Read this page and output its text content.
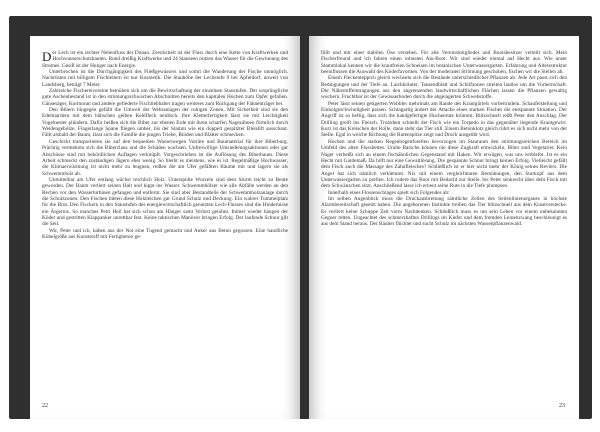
Der Lech ist ein rechter Nebenfluss der Donau. Zerstückelt ist der Fluss durch eine Kette von Kraftwerken und Hochwasserschutzbauten. Rund dreißig Kraftwerke und 24 Stauseen nutzen das Wasser für die Gewinnung des Stromes. Gesiß ist der Hunger nach Energie.

Unterbrochen ist die Durchgängigkeit des Fließgewässers und somit die Wanderung der Fische unmöglich. Nachrüsten mit billigem Fischleitern ist nur Kosmetik. Die Stauhöhe der Lechstufe 9 bei Apfeldorf, unweit von Landsberg, beträgt 7 Meter.

Zahlreiche Fischereivereine bemühen sich um die Bewirtschaftung der einzelnen Staustufen. Der ursprüngliche gute Aschenbestand ist in den strömungsschwachen Abschnitten bereits den kapitalen Huchen zum Opfer gefallen. Gänsesäger, Kormoran und andere gefiederte Fischliebhaber tragen weiteres zum Rückgang der Fahnenträger bei.

Den Bibern hingegen gefällt die Umwelt der Wehranlagen der ruhigen Zonen. Mit Sicherheit sind sie den Edelmardern mit dem hübschen gelben Kehlfleck neidisch. Ihre Kletterfertigkeit lässt sie mit Leichtigkeit Vogelnester plündern. Dafür beißen sich die Biber zur ebenen Erde mit ihren scharfen Nagezähnen förmlich durch Weidengehölze. Fingerlange Späne fliegen umher, bis der Stamm wie ein doppelt gespitzter Bleistift ausschaut. Fällt alsbald der Baum, lässt sich die Familie die jungen Triebe, Rinden und Blätter schmecken.

Geschickt transportieren sie auf den bequemen Wasserwegen Vorräte und Baumaterial für ihre Biberburg. Prächtig vermehren sich die Biberclans und die Schäden wachsen. Unfreiwillige Umsiedelungsaktionen oder gar Abschüsse sind mit behördlichen Auflagen verknüpft. Vorgeschrieben ist die Auflösung des Biberbaues. Diese Arbeit schmeckt den zuständigen Jägern eher wenig. So bleibt es meistens, wie es ist. Regelmäßige Hochwasser, die Klimaerwärmung ist nicht mehr zu leugnen, reißen die am Ufer gefällten Bäume mit und lagern sie als Schwemmholz ab.

Unmittelbar am Ufer entlang wächst reichlich Holz. Unterspülte Wurzeln sind dem Sturm leicht zu Beute geworden. Der Baum verliert seinen Halt und kippt ins Wasser. Schwemmhölzer wie alle Abfälle werden an den Rechen vor den Wasserturbinen gefangen und entfernt. Sie sind aber Bestandteile der Schwemmholzanlage durch die Schutzzonen. Den Fischen bieten diese Holzleichen gar Grund Schutz und Deckung. Ein wahrer Tummelplatz für die Brut. Den Fischern in den Staustufen des energiewirtschaftlich genutzten Lech-Flusses sind die Hindernisse ein Ärgernis. So manches Petri Heil hat sich schon am Hänger samt Verlust gelohnt. Immer wieder hängen der Köder und gestritten Klappanker unrettbar fest. Keine taktischen Manöver bringen Erfolg. Der laufende Schnur gilt die Seil.

Wir, Peter und ich, haben aus der Not eine Tugend gemacht und Anker aus Beton gegossen. Eine handliche Kübelgröße aus Kunststoff mit Fertigbeton ge-

22

füllt und mit einer stabilen Öse versehen. Für alle Vereinsmitglieder und Bootsbesitzer verteilt sich. Mein Fischerfreund und ich fahren einen robusten Alu-Boot. Wir sind wieder einmal auf Hecht aus. Wie unser Stammlokal kennen wir die krautfreien Schneisen im botanischen Unterwassergarten. Erfahrung und Altersstruktur beeinflussen die Auswahl des Köderfavoriten. Von der moderaten Strömung geschoben, fischen wir die Stellen ab.

Einem Fleckenteppich gleich wechseln sich die Bestände unterschiedlicher Pflanzen ab. Jede Art passt sich den Bedingungen und der Tiefe an. Laichkräuter, Tausendblatt und Schilfzonen streiten lautlos um die Vorherrschaft. Die Nährstoffeintragungen aus den angrenzenden landwirtschaftlichen Flächen lassen die Pflanzen gewaltig wuchern. Fruchtbar ist der Gewässerboden durch die abgelagerten Schwebstoffe.

Peter lässt seinen getigerten Wobbler mehrmals am Rande des Krautgürtels vorbeitrudeln. Schaufelstellung und Einholgeschwindigkeit passen. Schlagartig ändert der Attacke eines starken Fisches die entspannte Situation. Der Angriff ist so heftig, dass sich die handgefertigte Huchenrute krümmt. Blitzschnell reißt Peter den Anschlag. Der Drilling greift ins Fleisch. Trotzdem schnellt der Fisch wie ein Torpedo in das gegenüber liegende Krautgewirr. Kurz ist das Kreischen der Rolle, dann steht das Tier still. Einem Betonklotz gleich rührt es sich nicht mehr von der Stelle. Egal in welche Richtung die Rutenspitze zeigt und Druck ausgeübt wird.

Huchen und die starken Regenbogenforellen bevorzugen im Stauraum den strömungsreichen Bereich im Umfeld des alten Flussbettes. Uralte Barsche können nie diese Zugkraft entwickeln. Biber sind Vegetarier. Kein Nager verbeißt sich an einem fischähnlichen Gegenstand mit Haken. Wir erwägen, was uns verbleibt. Ist es ein Hecht mit Gardemaß. Da hilft nur eine Gewaltlösung. Die gespannte Schnur bringt keinen Erfolg. Vielleicht gefällt dem Fisch auch die Massage des Zahnfleisches? Schließlich ist er hier nicht mehr der König seines Reviers. Die Angel hat sich nämlich verklemmt. Nix mit einem vergleichbaren Bemühungen, den Sturkopf aus dem Unterwassergarten zu prellen. Ich rudere das Boot mit Bedacht zur Stelle, bis Peter senkrecht über dem Fisch mit dem Schwänzchen sitzt. Anschließend lasse ich erneut seine Rute in die Tiefe plumpsen.

Innerhalb eines Flossenschlages spielt sich Folgendes ab:

Im selben Augenblick muss die Druckausbreitung sämtliche Zellen des Seitenlinienorganes in höchste Alarmbereitschaft gesetzt haben. Die angeborenen Instinkte treiben das Tier blitzschnell aus dem Krautverstecke. Es verliert keine Schuppe Zeit vorm Nachdenken. Schließlich muss es um sein Leben vor einem unbekannten Gegner retten. Ungeachtet des schmerzhaften Drillings im Kiefer und dem fremden Leinenzwang beschleunigt es aus dem Stand heraus. Der Räuber flüchtet und sucht Schutz im nächsten Wasserpflanzenwald.

23
